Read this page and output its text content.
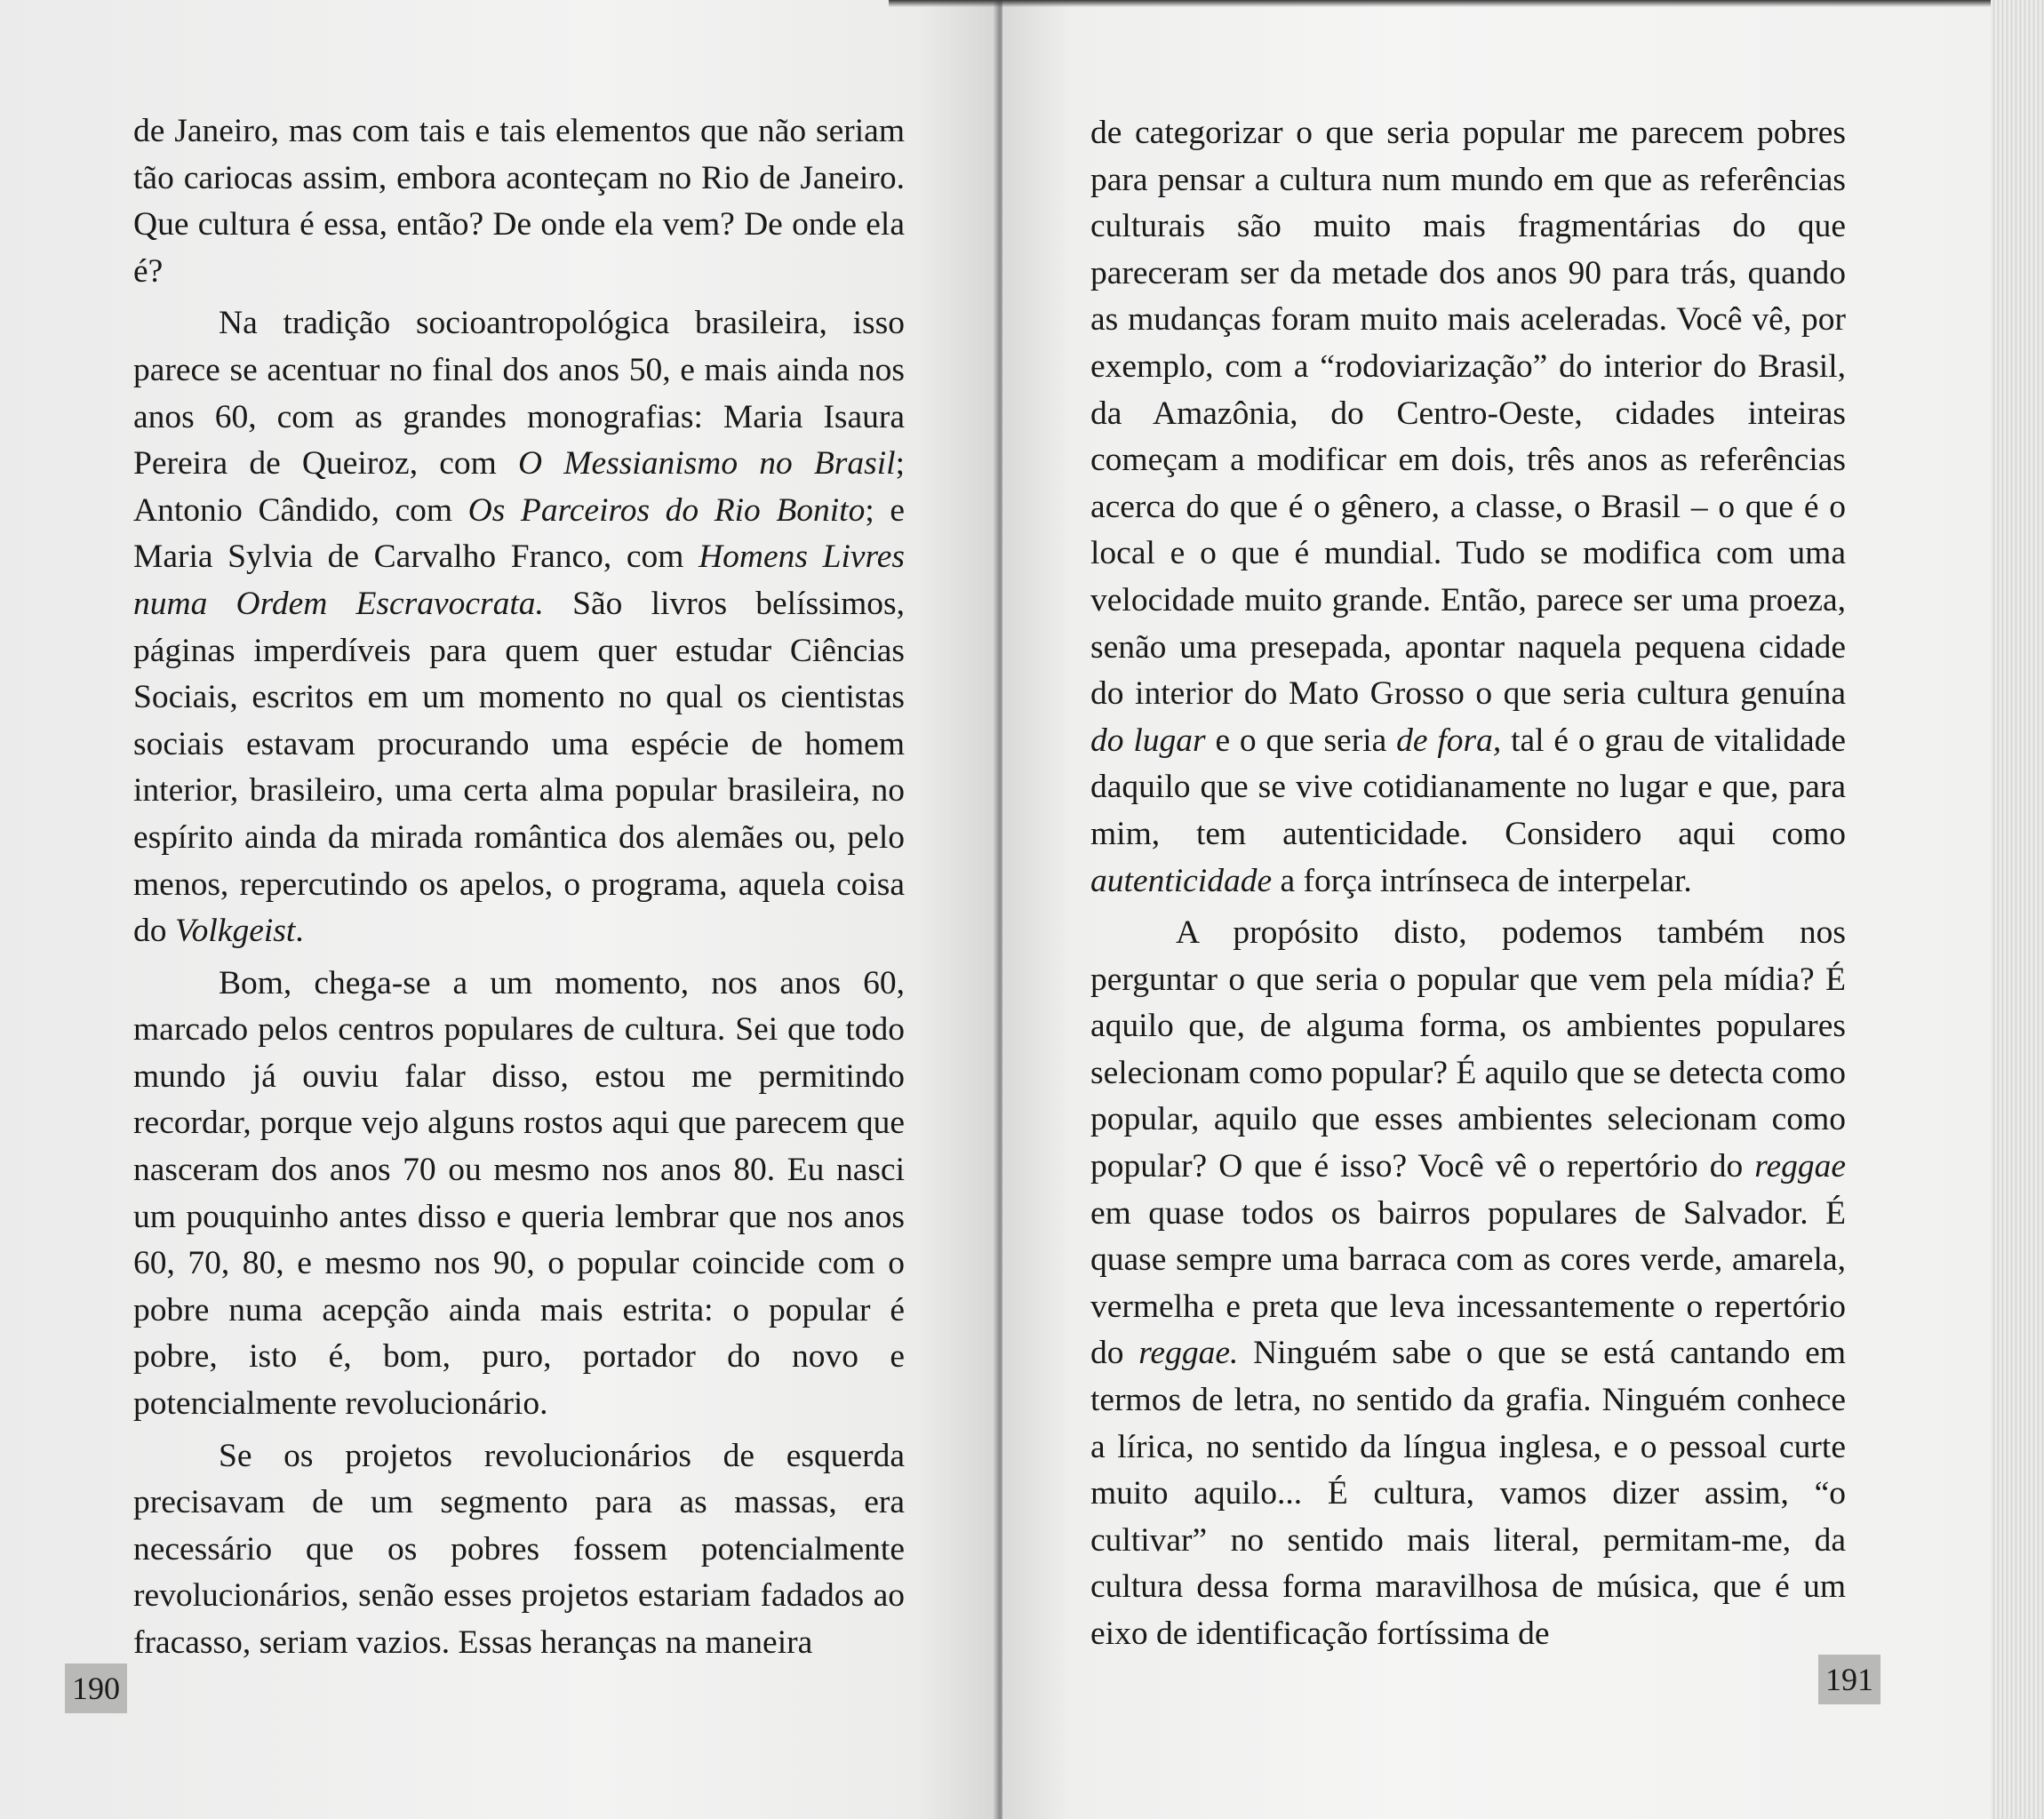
de Janeiro, mas com tais e tais elementos que não seriam tão cariocas assim, embora aconteçam no Rio de Janeiro. Que cultura é essa, então? De onde ela vem? De onde ela é?

Na tradição socioantropológica brasileira, isso parece se acentuar no final dos anos 50, e mais ainda nos anos 60, com as grandes monografias: Maria Isaura Pereira de Queiroz, com O Messianismo no Brasil; Antonio Cândido, com Os Parceiros do Rio Bonito; e Maria Sylvia de Carvalho Franco, com Homens Livres numa Ordem Escravocrata. São livros belíssimos, páginas imperdíveis para quem quer estudar Ciências Sociais, escritos em um momento no qual os cientistas sociais estavam procurando uma espécie de homem interior, brasileiro, uma certa alma popular brasileira, no espírito ainda da mirada romântica dos alemães ou, pelo menos, repercutindo os apelos, o programa, aquela coisa do Volkgeist.

Bom, chega-se a um momento, nos anos 60, marcado pelos centros populares de cultura. Sei que todo mundo já ouviu falar disso, estou me permitindo recordar, porque vejo alguns rostos aqui que parecem que nasceram dos anos 70 ou mesmo nos anos 80. Eu nasci um pouquinho antes disso e queria lembrar que nos anos 60, 70, 80, e mesmo nos 90, o popular coincide com o pobre numa acepção ainda mais estrita: o popular é pobre, isto é, bom, puro, portador do novo e potencialmente revolucionário.

Se os projetos revolucionários de esquerda precisavam de um segmento para as massas, era necessário que os pobres fossem potencialmente revolucionários, senão esses projetos estariam fadados ao fracasso, seriam vazios. Essas heranças na maneira

190

de categorizar o que seria popular me parecem pobres para pensar a cultura num mundo em que as referências culturais são muito mais fragmentárias do que pareceram ser da metade dos anos 90 para trás, quando as mudanças foram muito mais aceleradas. Você vê, por exemplo, com a “rodoviarização” do interior do Brasil, da Amazônia, do Centro-Oeste, cidades inteiras começam a modificar em dois, três anos as referências acerca do que é o gênero, a classe, o Brasil – o que é o local e o que é mundial. Tudo se modifica com uma velocidade muito grande. Então, parece ser uma proeza, senão uma presepada, apontar naquela pequena cidade do interior do Mato Grosso o que seria cultura genuína do lugar e o que seria de fora, tal é o grau de vitalidade daquilo que se vive cotidianamente no lugar e que, para mim, tem autenticidade. Considero aqui como autenticidade a força intrínseca de interpelar.

A propósito disto, podemos também nos perguntar o que seria o popular que vem pela mídia? É aquilo que, de alguma forma, os ambientes populares selecionam como popular? É aquilo que se detecta como popular, aquilo que esses ambientes selecionam como popular? O que é isso? Você vê o repertório do reggae em quase todos os bairros populares de Salvador. É quase sempre uma barraca com as cores verde, amarela, vermelha e preta que leva incessantemente o repertório do reggae. Ninguém sabe o que se está cantando em termos de letra, no sentido da grafia. Ninguém conhece a lírica, no sentido da língua inglesa, e o pessoal curte muito aquilo... É cultura, vamos dizer assim, “o cultivar” no sentido mais literal, permitam-me, da cultura dessa forma maravilhosa de música, que é um eixo de identificação fortíssima de

191
